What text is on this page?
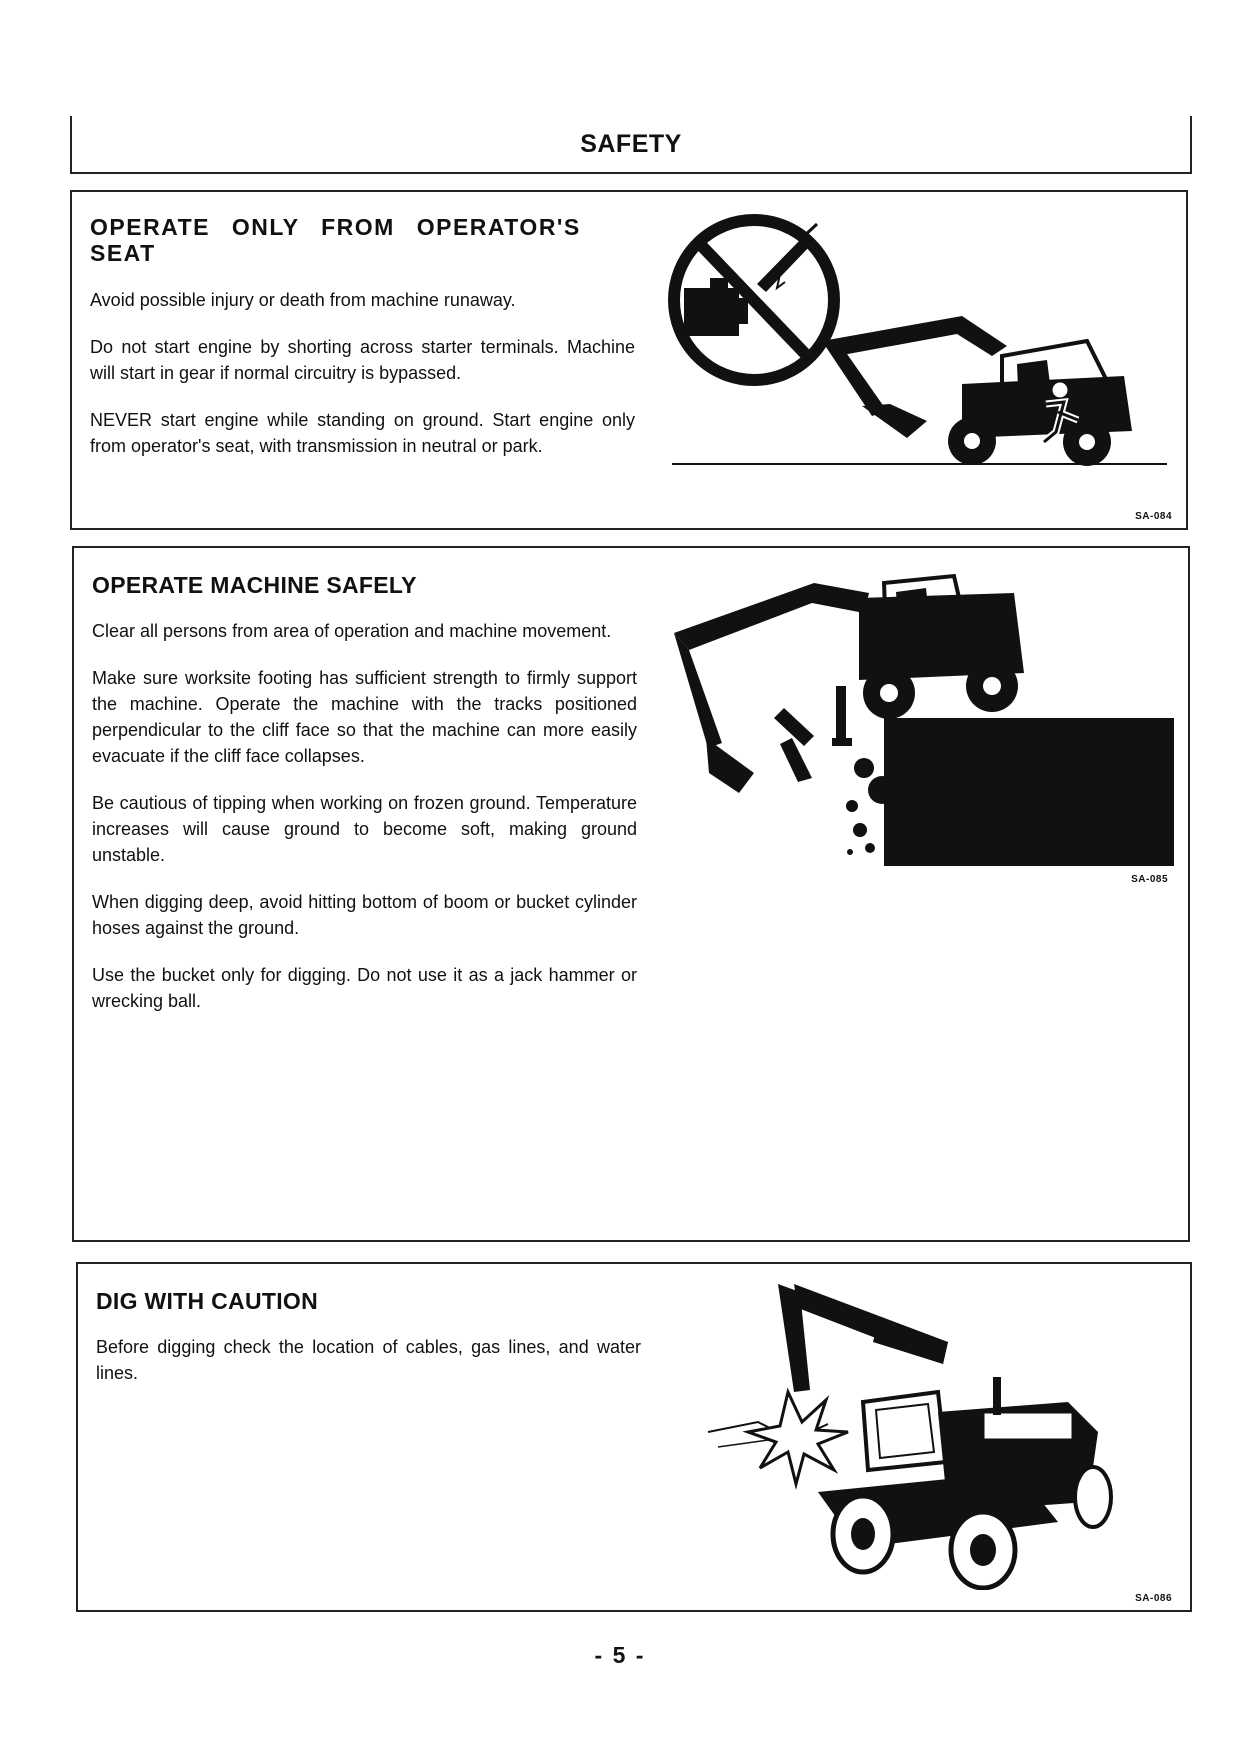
SAFETY
OPERATE ONLY FROM OPERATOR'S SEAT

Avoid possible injury or death from machine runaway.

Do not start engine by shorting across starter terminals. Machine will start in gear if normal circuitry is bypassed.

NEVER start engine while standing on ground. Start engine only from operator's seat, with transmission in neutral or park.

SA-084
OPERATE MACHINE SAFELY

Clear all persons from area of operation and machine movement.

Make sure worksite footing has sufficient strength to firmly support the machine. Operate the machine with the tracks positioned perpendicular to the cliff face so that the machine can more easily evacuate if the cliff face collapses.

Be cautious of tipping when working on frozen ground. Temperature increases will cause ground to become soft, making ground unstable.

When digging deep, avoid hitting bottom of boom or bucket cylinder hoses against the ground.

Use the bucket only for digging. Do not use it as a jack hammer or wrecking ball.

SA-085
DIG WITH CAUTION

Before digging check the location of cables, gas lines, and water lines.

SA-086
- 5 -
